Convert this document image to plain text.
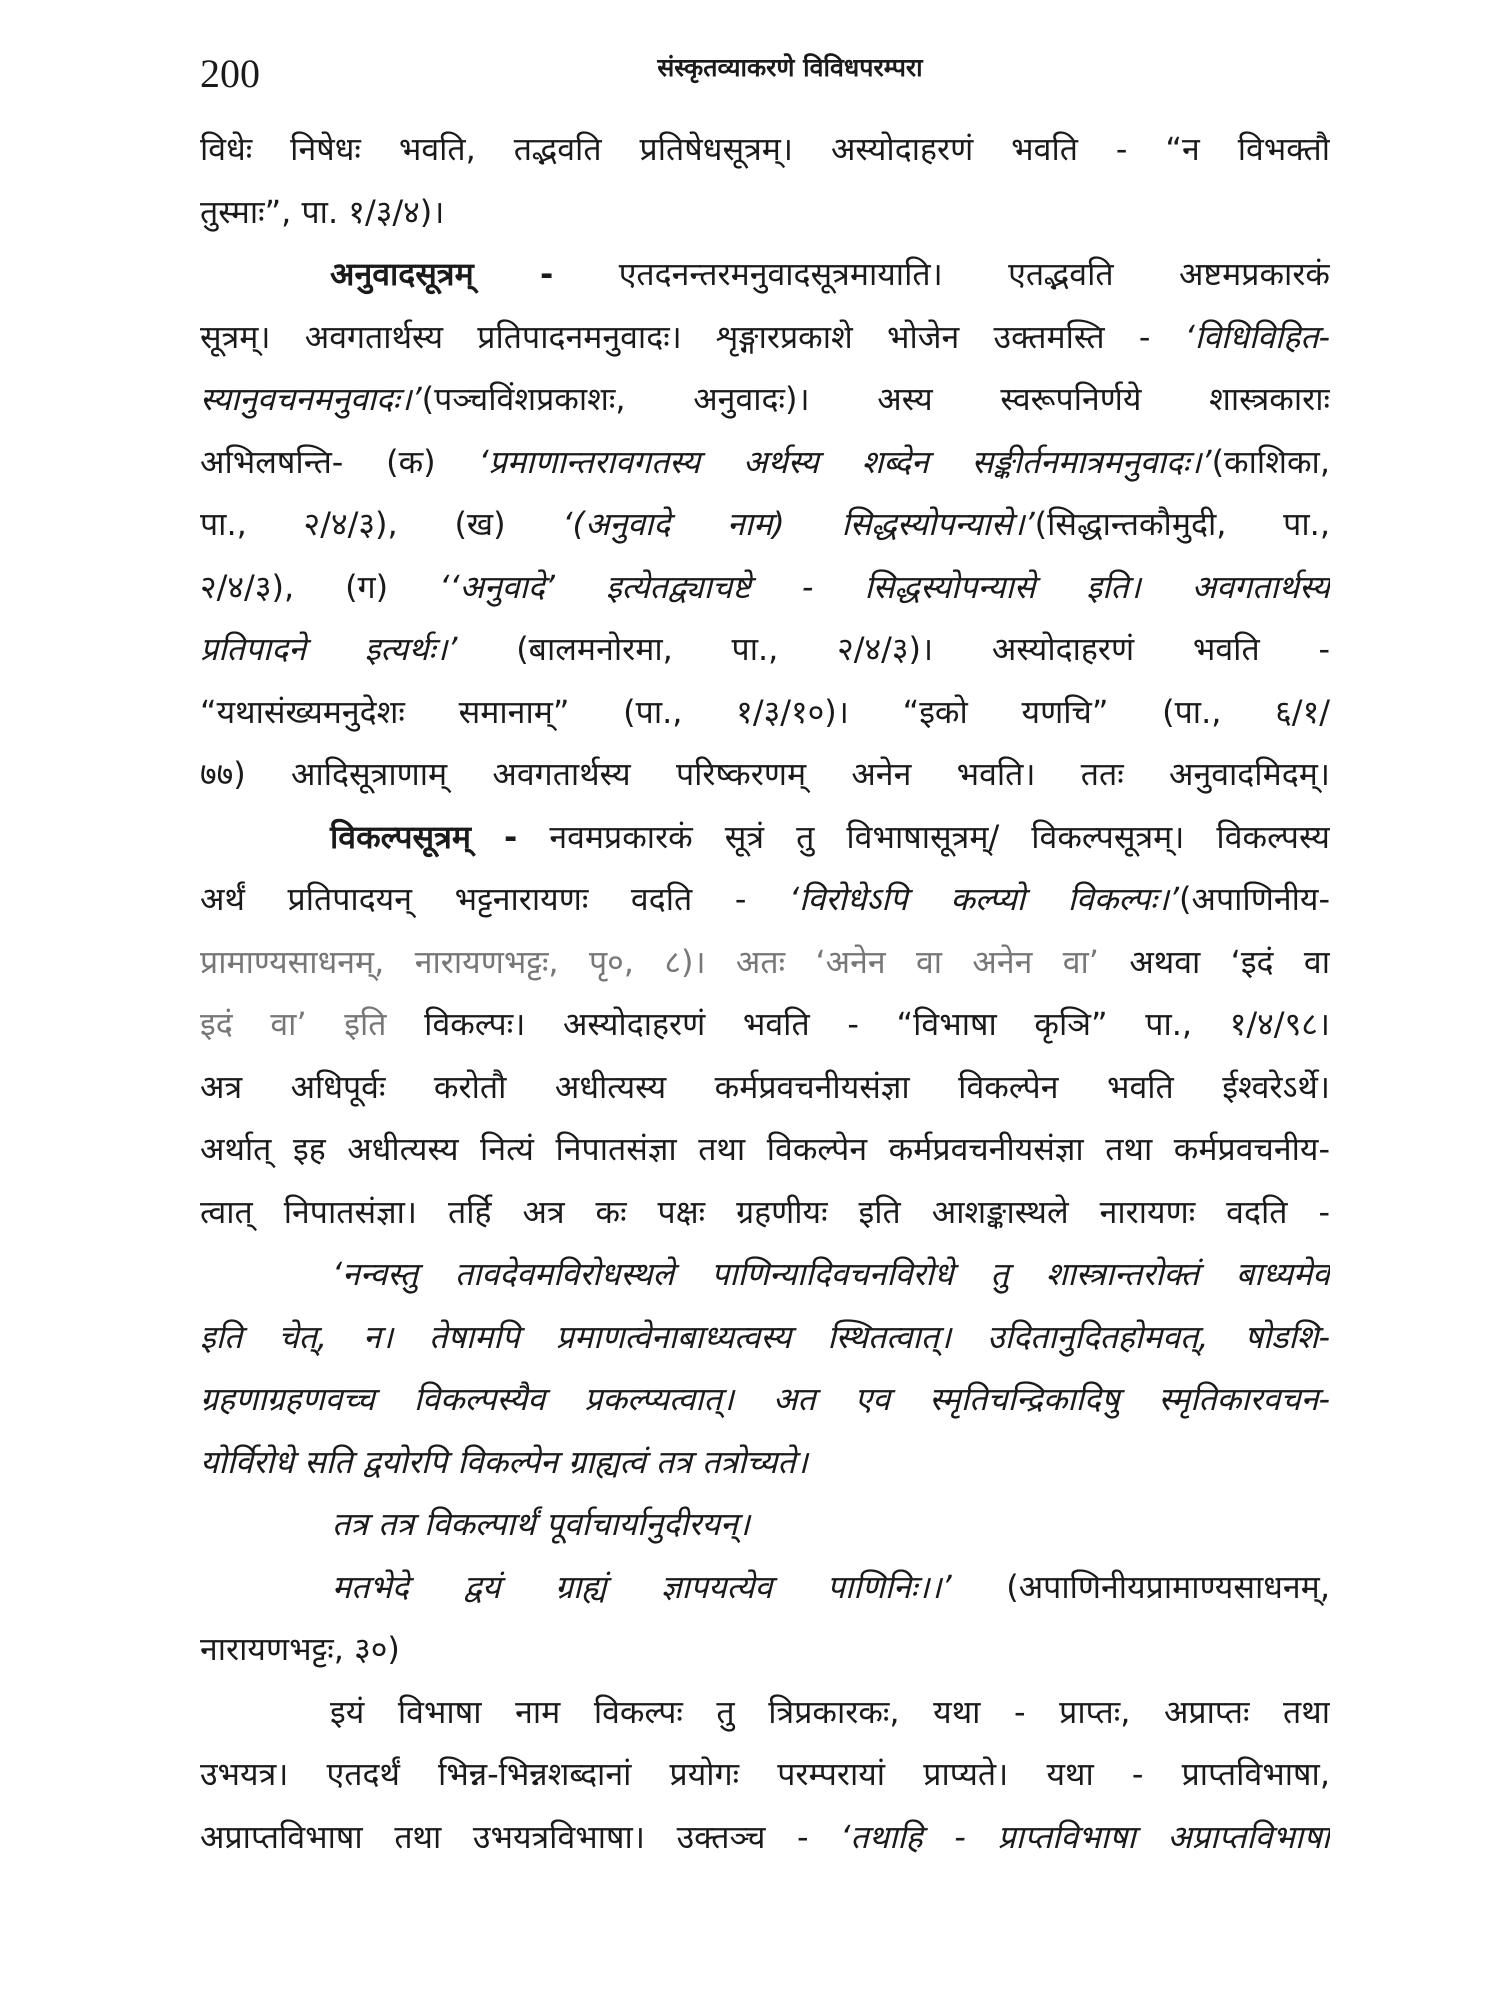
200	संस्कृतव्याकरणे विविधपरम्परा
विधेः निषेधः भवति, तद्भवति प्रतिषेधसूत्रम्। अस्योदाहरणं भवति - “न विभक्तौ
तुस्माः”, पा. १/३/४)।
अनुवादसूत्रम् - एतदनन्तरमनुवादसूत्रमायाति। एतद्भवति अष्टमप्रकारकं
सूत्रम्। अवगतार्थस्य प्रतिपादनमनुवादः। शृङ्गारप्रकाशे भोजेन उक्तमस्ति - ‘विधिविहित-
स्यानुवचनमनुवादः।’(पञ्चविंशप्रकाशः, अनुवादः)। अस्य स्वरूपनिर्णये शास्त्रकाराः
अभिलषन्ति- (क) ‘प्रमाणान्तरावगतस्य अर्थस्य शब्देन सङ्कीर्तनमात्रमनुवादः।’(काशिका,
पा., २/४/३), (ख) ‘(अनुवादे नाम) सिद्धस्योपन्यासे।’(सिद्धान्तकौमुदी, पा.,
२/४/३), (ग) ‘‘अनुवादे’ इत्येतद्व्याचष्टे - सिद्धस्योपन्यासे इति। अवगतार्थस्य
प्रतिपादने इत्यर्थः।’ (बालमनोरमा, पा., २/४/३)। अस्योदाहरणं भवति -
“यथासंख्यमनुदेशः समानाम्” (पा., १/३/१०)। “इको यणचि” (पा., ६/१/
७७) आदिसूत्राणाम् अवगतार्थस्य परिष्करणम् अनेन भवति। ततः अनुवादमिदम्।
विकल्पसूत्रम् - नवमप्रकारकं सूत्रं तु विभाषासूत्रम्/ विकल्पसूत्रम्। विकल्पस्य
अर्थं प्रतिपादयन् भट्टनारायणः वदति - ‘विरोधेऽपि कल्प्यो विकल्पः।’(अपाणिनीय-
प्रामाण्यसाधनम्, नारायणभट्टः, पृ०, ८)। अतः ‘अनेन वा अनेन वा’ अथवा ‘इदं वा
इदं वा’ इति विकल्पः। अस्योदाहरणं भवति - “विभाषा कृञि” पा., १/४/९८।
अत्र अधिपूर्वः करोतौ अधीत्यस्य कर्मप्रवचनीयसंज्ञा विकल्पेन भवति ईश्वरेऽर्थे।
अर्थात् इह अधीत्यस्य नित्यं निपातसंज्ञा तथा विकल्पेन कर्मप्रवचनीयसंज्ञा तथा कर्मप्रवचनीय-
त्वात् निपातसंज्ञा। तर्हि अत्र कः पक्षः ग्रहणीयः इति आशङ्कास्थले नारायणः वदति -
‘नन्वस्तु तावदेवमविरोधस्थले पाणिन्यादिवचनविरोधे तु शास्त्रान्तरोक्तं बाध्यमेव
इति चेत्, न। तेषामपि प्रमाणत्वेनाबाध्यत्वस्य स्थितत्वात्। उदितानुदितहोमवत्, षोडशि-
ग्रहणाग्रहणवच्च विकल्पस्यैव प्रकल्प्यत्वात्। अत एव स्मृतिचन्द्रिकादिषु स्मृतिकारवचन-
योर्विरोधे सति द्वयोरपि विकल्पेन ग्राह्यत्वं तत्र तत्रोच्यते।
तत्र तत्र विकल्पार्थं पूर्वाचार्यानुदीरयन्।
मतभेदे द्वयं ग्राह्यं ज्ञापयत्येव पाणिनिः।।’ (अपाणिनीयप्रामाण्यसाधनम्,
नारायणभट्टः, ३०)
इयं विभाषा नाम विकल्पः तु त्रिप्रकारकः, यथा - प्राप्तः, अप्राप्तः तथा
उभयत्र। एतदर्थं भिन्न-भिन्नशब्दानां प्रयोगः परम्परायां प्राप्यते। यथा - प्राप्तविभाषा,
अप्राप्तविभाषा तथा उभयत्रविभाषा। उक्तञ्च - ‘तथाहि - प्राप्तविभाषा अप्राप्तविभाषा
